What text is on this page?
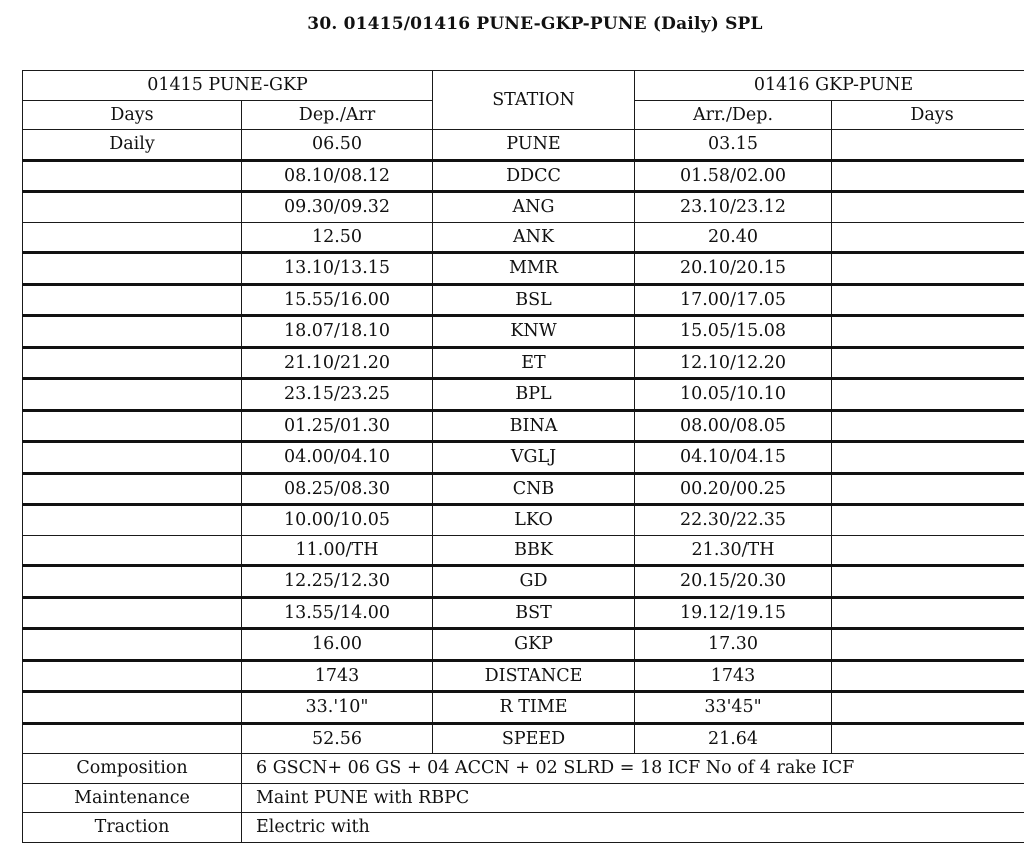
30. 01415/01416 PUNE-GKP-PUNE (Daily) SPL
01415 PUNE-GKP		STATION	01416 GKP-PUNE	
Days	Dep./Arr		Arr./Dep.	Days
Daily	06.50	PUNE	03.15	
	08.10/08.12	DDCC	01.58/02.00	
	09.30/09.32	ANG	23.10/23.12	
	12.50	ANK	20.40	
	13.10/13.15	MMR	20.10/20.15	
	15.55/16.00	BSL	17.00/17.05	
	18.07/18.10	KNW	15.05/15.08	
	21.10/21.20	ET	12.10/12.20	
	23.15/23.25	BPL	10.05/10.10	
	01.25/01.30	BINA	08.00/08.05	
	04.00/04.10	VGLJ	04.10/04.15	
	08.25/08.30	CNB	00.20/00.25	
	10.00/10.05	LKO	22.30/22.35	
	11.00/TH	BBK	21.30/TH	
	12.25/12.30	GD	20.15/20.30	
	13.55/14.00	BST	19.12/19.15	
	16.00	GKP	17.30	
	1743	DISTANCE	1743	
	33.'10"	R TIME	33'45"	
	52.56	SPEED	21.64	
Composition	6 GSCN+ 06 GS + 04 ACCN + 02 SLRD = 18 ICF No of 4 rake ICF			
Maintenance	Maint PUNE with RBPC			
Traction	Electric with			
